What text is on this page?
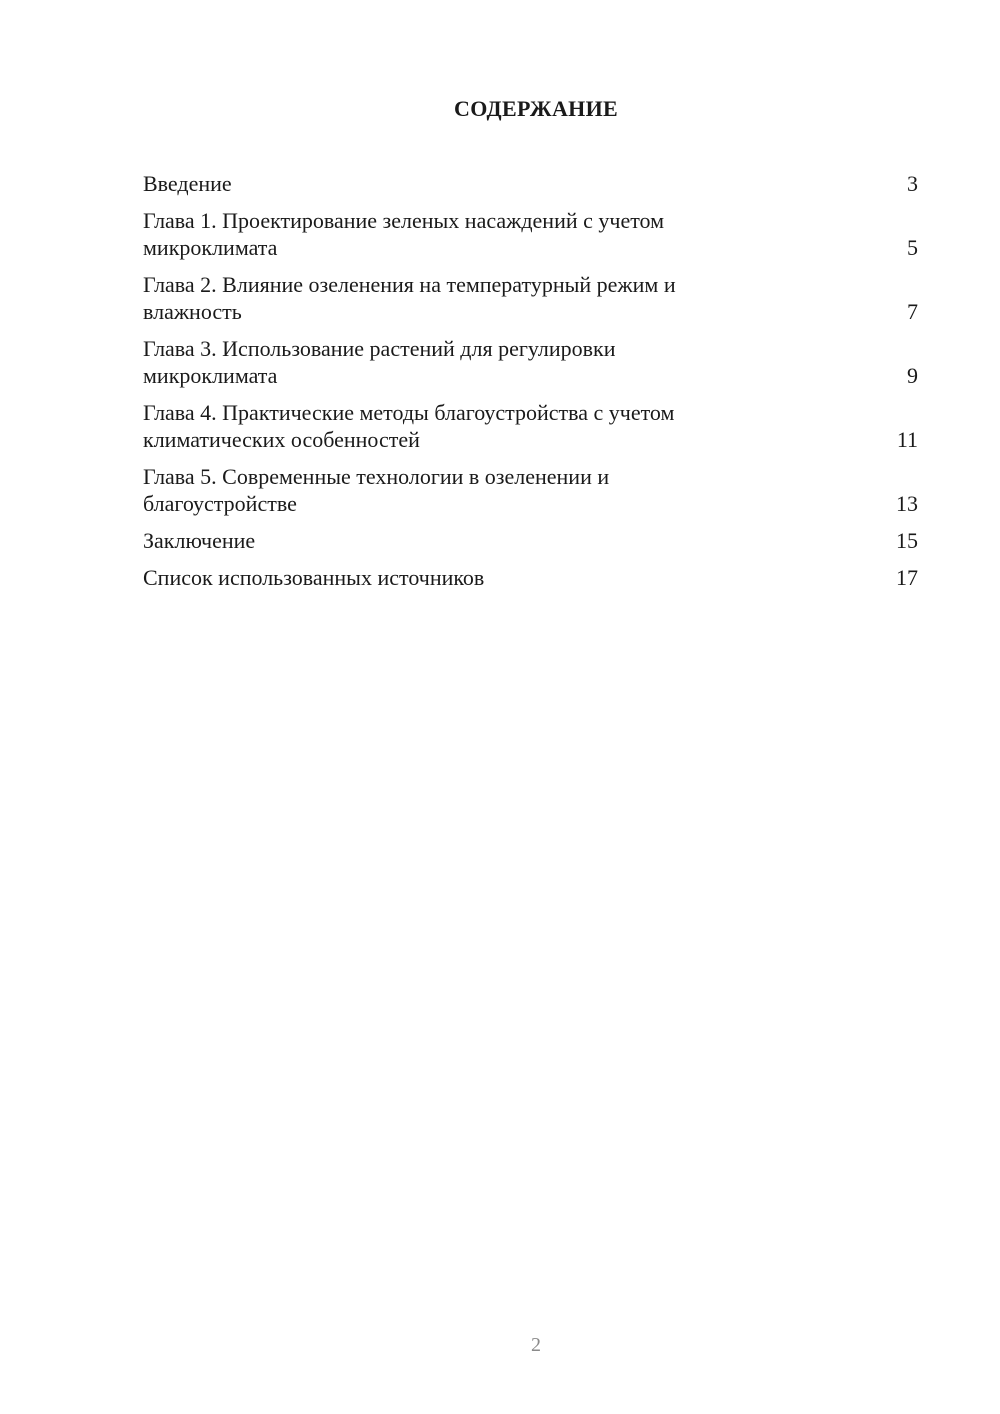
СОДЕРЖАНИЕ
Введение	3
Глава 1. Проектирование зеленых насаждений с учетом
микроклимата	5
Глава 2. Влияние озеленения на температурный режим и
влажность	7
Глава 3. Использование растений для регулировки
микроклимата	9
Глава 4. Практические методы благоустройства с учетом
климатических особенностей	11
Глава 5. Современные технологии в озеленении и
благоустройстве	13
Заключение	15
Список использованных источников	17
2
